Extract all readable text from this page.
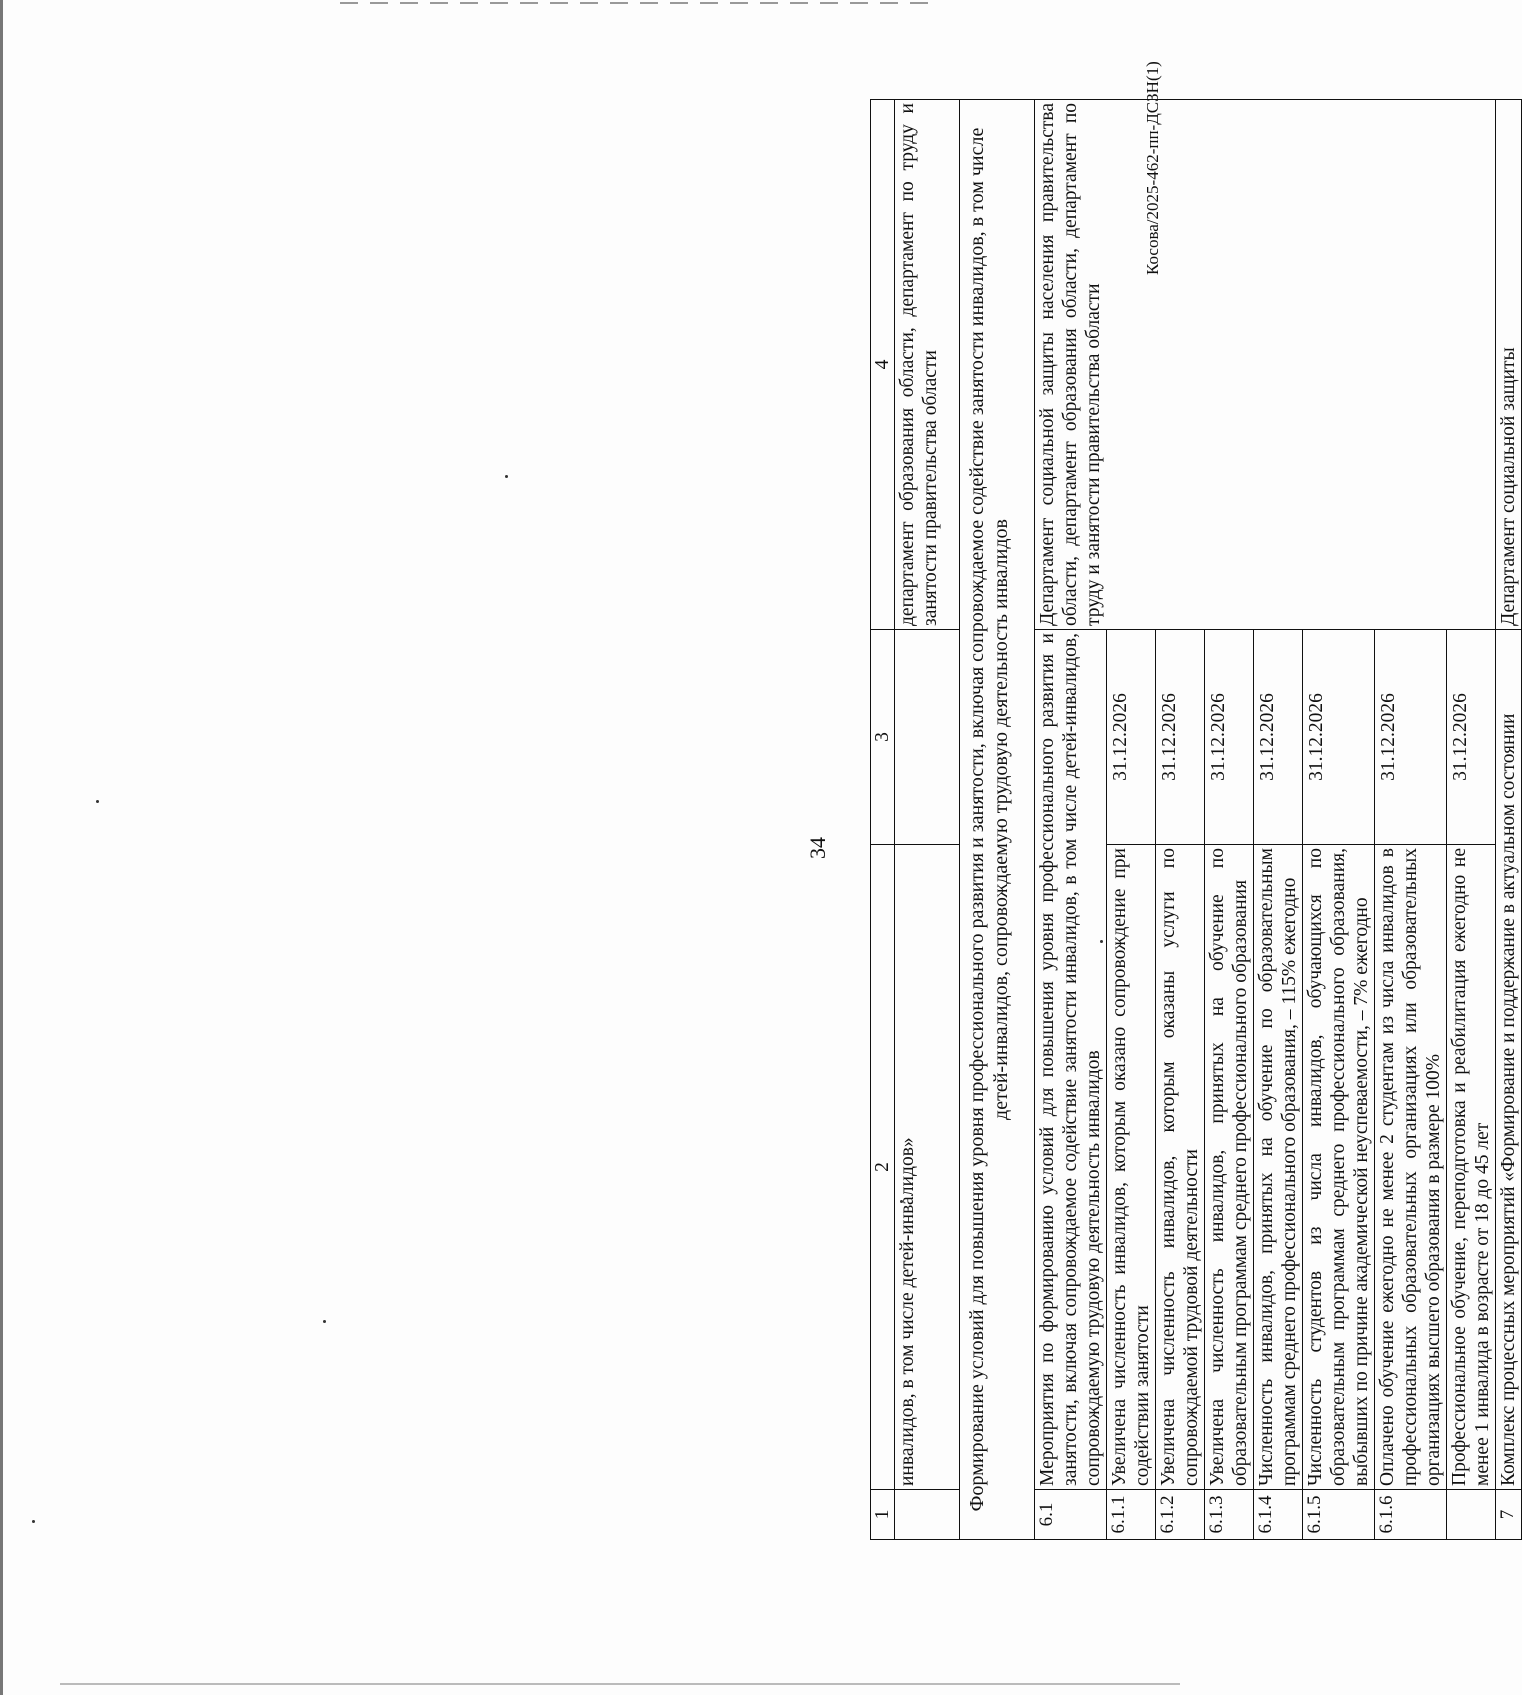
34
1	2	3	4
	инвалидов, в том числе детей-инвалидов»		департамент образования области, департамент по труду и занятости правительства области
Формирование условий для повышения уровня профессионального развития и занятости, включая сопровождаемое содействие занятости инвалидов, в том числе детей-инвалидов, сопровождаемую трудовую деятельность инвалидов			
6.1	Мероприятия по формированию условий для повышения уровня профессионального развития и занятости, включая сопровождаемое содействие занятости инвалидов, в том числе детей-инвалидов, сопровождаемую трудовую деятельность инвалидов		Департамент социальной защиты населения правительства области, департамент образования области, департамент по труду и занятости правительства области
6.1.1	Увеличена численность инвалидов, которым оказано сопровождение при содействии занятости	31.12.2026	
6.1.2	Увеличена численность инвалидов, которым оказаны услуги по сопровождаемой трудовой деятельности	31.12.2026	
6.1.3	Увеличена численность инвалидов, принятых на обучение по образовательным программам среднего профессионального образования	31.12.2026	
6.1.4	Численность инвалидов, принятых на обучение по образовательным программам среднего профессионального образования, – 115% ежегодно	31.12.2026	
6.1.5	Численность студентов из числа инвалидов, обучающихся по образовательным программам среднего профессионального образования, выбывших по причине академической неуспеваемости, – 7% ежегодно	31.12.2026	
6.1.6	Оплачено обучение ежегодно не менее 2 студентам из числа инвалидов в профессиональных образовательных организациях или образовательных организациях высшего образования в размере 100%	31.12.2026	
	Профессиональное обучение, переподготовка и реабилитация ежегодно не менее 1 инвалида в возрасте от 18 до 45 лет	31.12.2026	
7	Комплекс процессных мероприятий «Формирование и поддержание в актуальном состоянии		Департамент социальной защиты
Косова/2025-462-пп-ДСЗН(1)
